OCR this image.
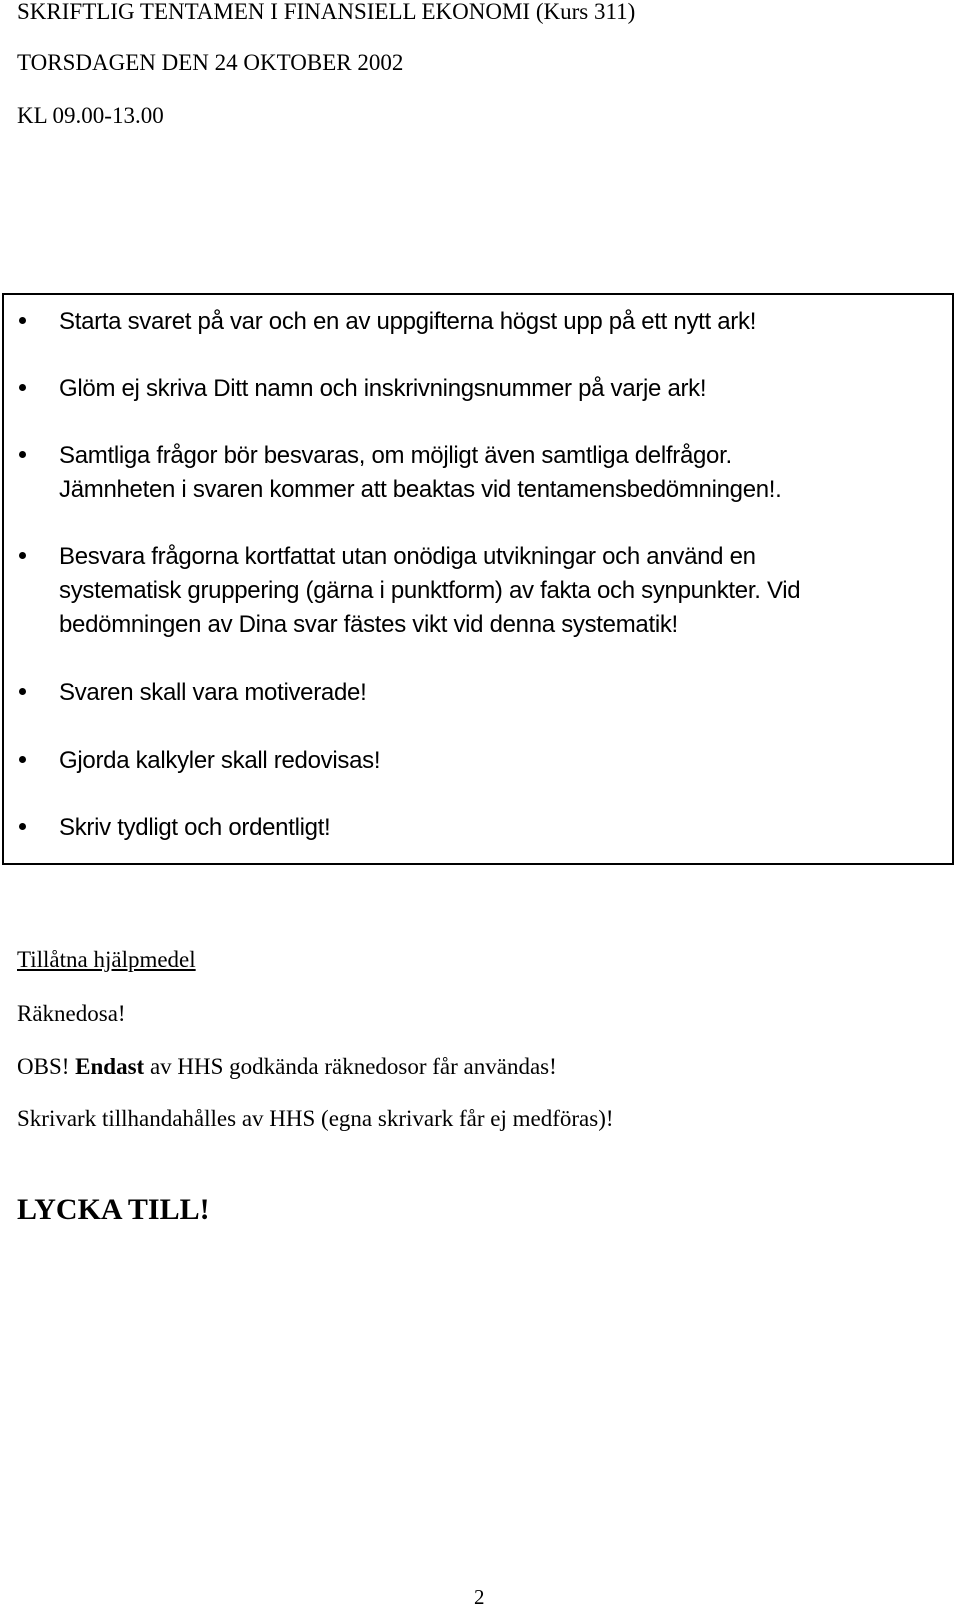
SKRIFTLIG TENTAMEN I FINANSIELL EKONOMI (Kurs 311)
TORSDAGEN DEN 24 OKTOBER 2002
KL 09.00-13.00

Starta svaret på var och en av uppgifterna högst upp på ett nytt ark!

Glöm ej skriva Ditt namn och inskrivningsnummer på varje ark!

Samtliga frågor bör besvaras, om möjligt även samtliga delfrågor.
Jämnheten i svaren kommer att beaktas vid tentamensbedömningen!.

Besvara frågorna kortfattat utan onödiga utvikningar och använd en
systematisk gruppering (gärna i punktform) av fakta och synpunkter. Vid
bedömningen av Dina svar fästes vikt vid denna systematik!

Svaren skall vara motiverade!

Gjorda kalkyler skall redovisas!

Skriv tydligt och ordentligt!

Tillåtna hjälpmedel
Räknedosa!
OBS! Endast av HHS godkända räknedosor får användas!
Skrivark tillhandahålles av HHS (egna skrivark får ej medföras)!
LYCKA TILL!
2
